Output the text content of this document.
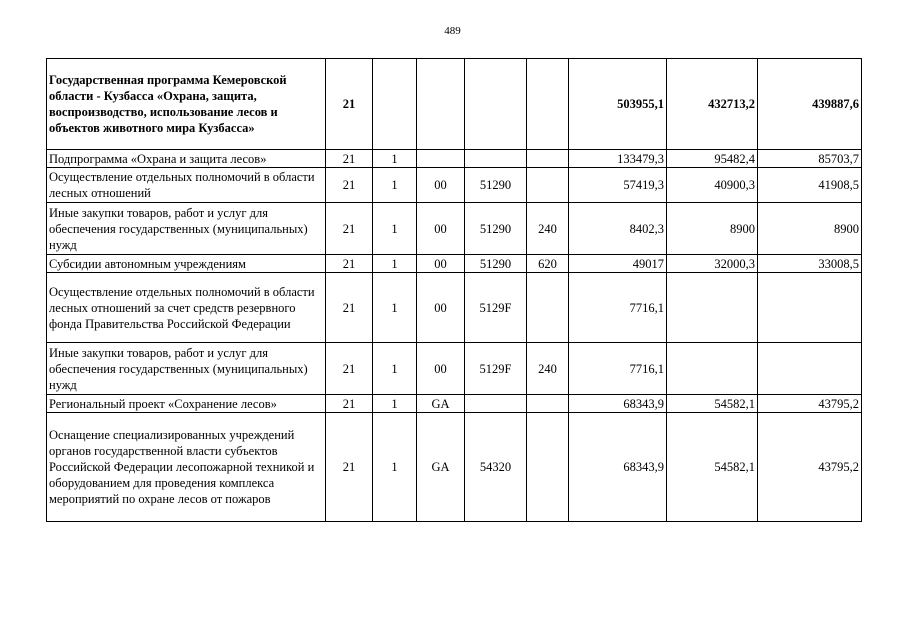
489
Государственная программа Кемеровской области - Кузбасса «Охрана, защита, воспроизводство, использование лесов и объектов животного мира Кузбасса»	21					503955,1	432713,2	439887,6
Подпрограмма «Охрана и защита лесов»	21	1				133479,3	95482,4	85703,7
Осуществление отдельных полномочий в области лесных отношений	21	1	00	51290		57419,3	40900,3	41908,5
Иные закупки товаров, работ и услуг для обеспечения государственных (муниципальных) нужд	21	1	00	51290	240	8402,3	8900	8900
Субсидии автономным учреждениям	21	1	00	51290	620	49017	32000,3	33008,5
Осуществление отдельных полномочий в области лесных отношений за счет средств резервного фонда Правительства Российской Федерации	21	1	00	5129F		7716,1		
Иные закупки товаров, работ и услуг для обеспечения государственных (муниципальных) нужд	21	1	00	5129F	240	7716,1		
Региональный проект «Сохранение лесов»	21	1	GA			68343,9	54582,1	43795,2
Оснащение специализированных учреждений органов государственной власти субъектов Российской Федерации лесопожарной техникой и оборудованием для проведения комплекса мероприятий по охране лесов от пожаров	21	1	GA	54320		68343,9	54582,1	43795,2
